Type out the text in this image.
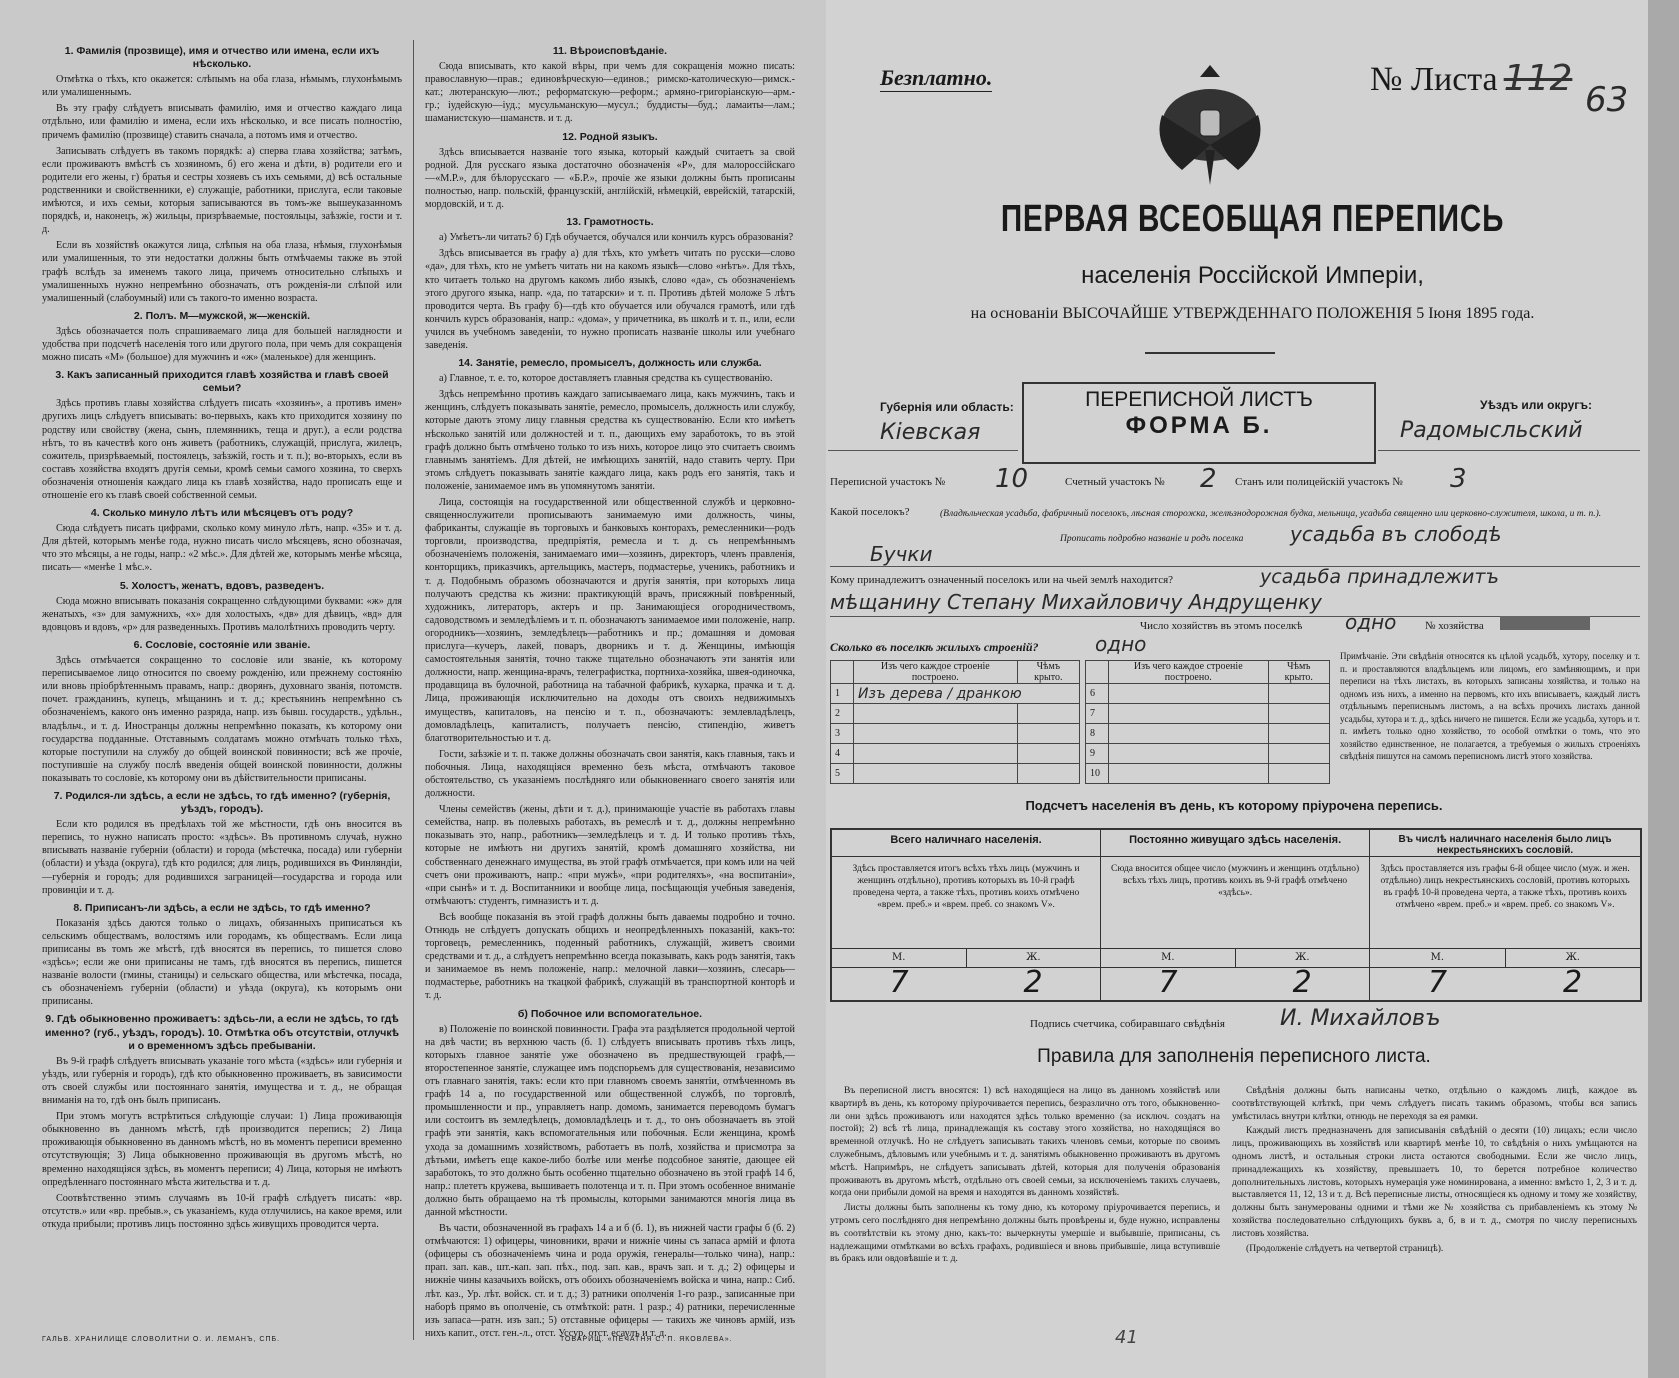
1. Фамилія (прозвище), имя и отчество или имена, если ихъ нѣсколько.

Отмѣтка о тѣхъ, кто окажется: слѣпымъ на оба глаза, нѣмымъ, глухонѣмымъ или умалишеннымъ.

Въ эту графу слѣдуетъ вписывать фамилію, имя и отчество каждаго лица отдѣльно, или фамилію и имена, если ихъ нѣсколько, и все писать полностію, причемъ фамилію (прозвище) ставить сначала, а потомъ имя и отчество.

Записывать слѣдуетъ въ такомъ порядкѣ: а) сперва глава хозяйства; затѣмъ, если проживаютъ вмѣстѣ съ хозяиномъ, б) его жена и дѣти, в) родители его и родители его жены, г) братья и сестры хозяевъ съ ихъ семьями, д) всѣ остальные родственники и свойственники, е) служащіе, работники, прислуга, если таковые имѣются, и ихъ семьи, которыя записываются въ томъ-же вышеуказанномъ порядкѣ, и, наконецъ, ж) жильцы, призрѣваемые, постояльцы, заѣзжіе, гости и т. д.

Если въ хозяйствѣ окажутся лица, слѣпыя на оба глаза, нѣмыя, глухонѣмыя или умалишенныя, то эти недостатки должны быть отмѣчаемы также въ этой графѣ вслѣдъ за именемъ такого лица, причемъ относительно слѣпыхъ и умалишенныхъ нужно непремѣнно обозначать, отъ рожденія-ли слѣпой или умалишенный (слабоумный) или съ такого-то именно возраста.

2. Полъ. М—мужской, ж—женскій.

Здѣсь обозначается полъ спрашиваемаго лица для большей наглядности и удобства при подсчетѣ населенія того или другого пола, при чемъ для сокращенія можно писать «М» (большое) для мужчинъ и «ж» (маленькое) для женщинъ.

3. Какъ записанный приходится главѣ хозяйства и главѣ своей семьи?

Здѣсь противъ главы хозяйства слѣдуетъ писать «хозяинъ», а противъ имен» другихъ лицъ слѣдуетъ вписывать: во-первыхъ, какъ кто приходится хозяину по родству или свойству (жена, сынъ, племянникъ, теща и друг.), а если родства нѣтъ, то въ качествѣ кого онъ живетъ (работникъ, служащій, прислуга, жилецъ, сожитель, призрѣваемый, постоялецъ, заѣзжій, гость и т. п.); во-вторыхъ, если въ составъ хозяйства входятъ другія семьи, кромѣ семьи самого хозяина, то сверхъ обозначенія отношенія каждаго лица къ главѣ хозяйства, надо прописать еще и отношеніе его къ главѣ своей собственной семьи.

4. Сколько минуло лѣтъ или мѣсяцевъ отъ роду?

Сюда слѣдуетъ писать цифрами, сколько кому минуло лѣтъ, напр. «35» и т. д. Для дѣтей, которымъ менѣе года, нужно писать число мѣсяцевъ, ясно обозначая, что это мѣсяцы, а не годы, напр.: «2 мѣс.». Для дѣтей же, которымъ менѣе мѣсяца, писать— «менѣе 1 мѣс.».

5. Холостъ, женатъ, вдовъ, разведенъ.

Сюда можно вписывать показанія сокращенно слѣдующими буквами: «ж» для женатыхъ, «з» для замужнихъ, «х» для холостыхъ, «дв» для дѣвицъ, «вд» для вдовцовъ и вдовъ, «р» для разведенныхъ. Противъ малолѣтнихъ проводить черту.

6. Сословіе, состояніе или званіе.

Здѣсь отмѣчается сокращенно то сословіе или званіе, къ которому переписываемое лицо относится по своему рожденію, или прежнему состоянію или вновь пріобрѣтеннымъ правамъ, напр.: дворянъ, духовнаго званія, потомств. почет. гражданинъ, купецъ, мѣщанинъ и т. д.; крестьянинъ непремѣнно съ обозначеніемъ, какого онъ именно разряда, напр. изъ бывш. государств., удѣльн., владѣльч., и т. д. Иностранцы должны непремѣнно показать, къ которому они государства подданные. Отставнымъ солдатамъ можно отмѣчать только тѣхъ, которые поступили на службу до общей воинской повинности; всѣ же прочіе, поступившіе на службу послѣ введенія общей воинской повинности, должны показывать то сословіе, къ которому они въ дѣйствительности приписаны.

7. Родился-ли здѣсь, а если не здѣсь, то гдѣ именно? (губернія, уѣздъ, городъ).

Если кто родился въ предѣлахъ той же мѣстности, гдѣ онъ вносится въ перепись, то нужно написать просто: «здѣсь». Въ противномъ случаѣ, нужно вписывать названіе губерніи (области) и города (мѣстечка, посада) или губерніи (области) и уѣзда (округа), гдѣ кто родился; для лицъ, родившихся въ Финляндіи,—губернія и городъ; для родившихся заграницей—государства и города или провинціи и т. д.

8. Приписанъ-ли здѣсь, а если не здѣсь, то гдѣ именно?

Показанія здѣсь даются только о лицахъ, обязанныхъ приписаться къ сельскимъ обществамъ, волостямъ или городамъ, къ обществамъ. Если лица приписаны въ томъ же мѣстѣ, гдѣ вносятся въ перепись, то пишется слово «здѣсь»; если же они приписаны не тамъ, гдѣ вносятся въ перепись, пишется названіе волости (гмины, станицы) и сельскаго общества, или мѣстечка, посада, съ обозначеніемъ губерніи (области) и уѣзда (округа), къ которымъ они приписаны.

9. Гдѣ обыкновенно проживаетъ: здѣсь-ли, а если не здѣсь, то гдѣ именно? (губ., уѣздъ, городъ). 10. Отмѣтка объ отсутствіи, отлучкѣ и о временномъ здѣсь пребываніи.

Въ 9-й графѣ слѣдуетъ вписывать указаніе того мѣста («здѣсь» или губернія и уѣздъ, или губернія и городъ), гдѣ кто обыкновенно проживаетъ, въ зависимости отъ своей службы или постояннаго занятія, имущества и т. д., не обращая вниманія на то, гдѣ онъ былъ приписанъ.

При этомъ могутъ встрѣтиться слѣдующіе случаи: 1) Лица проживающія обыкновенно въ данномъ мѣстѣ, гдѣ производится перепись; 2) Лица проживающія обыкновенно въ данномъ мѣстѣ, но въ моментъ переписи временно отсутствующія; 3) Лица обыкновенно проживающія въ другомъ мѣстѣ, но временно находящіяся здѣсь, въ моментъ переписи; 4) Лица, которыя не имѣютъ опредѣленнаго постояннаго мѣста жительства и т. д.

Соотвѣтственно этимъ случаямъ въ 10-й графѣ слѣдуетъ писать: «вр. отсутств.» или «вр. пребыв.», съ указаніемъ, куда отлучились, на какое время, или откуда прибыли; противъ лицъ постоянно здѣсь живущихъ проводится черта.

11. Вѣроисповѣданіе.

Сюда вписывать, кто какой вѣры, при чемъ для сокращенія можно писать: православную—прав.; единовѣрческую—единов.; римско-католическую—римск.-кат.; лютеранскую—лют.; реформатскую—реформ.; армяно-григоріанскую—арм.-гр.; іудейскую—іуд.; мусульманскую—мусул.; буддисты—буд.; ламаиты—лам.; шаманистскую—шаманств. и т. д.

12. Родной языкъ.

Здѣсь вписывается названіе того языка, который каждый считаетъ за свой родной. Для русскаго языка достаточно обозначенія «Р», для малороссійскаго—«М.Р.», для бѣлорусскаго — «Б.Р.», прочіе же языки должны быть прописаны полностью, напр. польскій, французскій, англійскій, нѣмецкій, еврейскій, татарскій, мордовскій, и т. д.

13. Грамотность.

а) Умѣетъ-ли читать? б) Гдѣ обучается, обучался или кончилъ курсъ образованія?

Здѣсь вписывается въ графу а) для тѣхъ, кто умѣетъ читать по русски—слово «да», для тѣхъ, кто не умѣетъ читать ни на какомъ языкѣ—слово «нѣтъ». Для тѣхъ, кто читаетъ только на другомъ какомъ либо языкѣ, слово «да», съ обозначеніемъ этого другого языка, напр. «да, по татарски» и т. п. Противъ дѣтей моложе 5 лѣтъ проводится черта. Въ графу б)—гдѣ кто обучается или обучался грамотѣ, или гдѣ кончилъ курсъ образованія, напр.: «дома», у причетника, въ школѣ и т. п., или, если учился въ учебномъ заведеніи, то нужно прописать названіе школы или учебнаго заведенія.

14. Занятіе, ремесло, промыселъ, должность или служба.

а) Главное, т. е. то, которое доставляетъ главныя средства къ существованію.

Здѣсь непремѣнно противъ каждаго записываемаго лица, какъ мужчинъ, такъ и женщинъ, слѣдуетъ показывать занятіе, ремесло, промыселъ, должность или службу, которые даютъ этому лицу главныя средства къ существованію. Если кто имѣетъ нѣсколько занятій или должностей и т. п., дающихъ ему заработокъ, то въ этой графѣ должно быть отмѣчено только то изъ нихъ, которое лицо это считаетъ своимъ главнымъ занятіемъ. Для дѣтей, не имѣющихъ занятій, надо ставить черту. При этомъ слѣдуетъ показывать занятіе каждаго лица, какъ родъ его занятія, такъ и положеніе, занимаемое имъ въ упомянутомъ занятіи.

Лица, состоящія на государственной или общественной службѣ и церковно-священнослужители прописываютъ занимаемую ими должность, чины, фабриканты, служащіе въ торговыхъ и банковыхъ конторахъ, ремесленники—родъ торговли, производства, предпріятія, ремесла и т. д. съ непремѣннымъ обозначеніемъ положенія, занимаемаго ими—хозяинъ, директоръ, членъ правленія, конторщикъ, приказчикъ, артельщикъ, мастеръ, подмастерье, ученикъ, работникъ и т. д. Подобнымъ образомъ обозначаются и другія занятія, при которыхъ лица получаютъ средства къ жизни: практикующій врачъ, присяжный повѣренный, художникъ, литераторъ, актеръ и пр. Занимающіеся огородничествомъ, садоводствомъ и земледѣліемъ и т. п. обозначаютъ занимаемое ими положеніе, напр. огородникъ—хозяинъ, земледѣлецъ—работникъ и пр.; домашняя и домовая прислуга—кучеръ, лакей, поваръ, дворникъ и т. д. Женщины, имѣющія самостоятельныя занятія, точно также тщательно обозначаютъ эти занятія или должности, напр. женщина-врачъ, телеграфистка, портниха-хозяйка, швея-одиночка, продавщица въ булочной, работница на табачной фабрикѣ, кухарка, прачка и т. д. Лица, проживающія исключительно на доходы отъ своихъ недвижимыхъ имуществъ, капиталовъ, на пенсію и т. п., обозначаютъ: землевладѣлецъ, домовладѣлецъ, капиталистъ, получаетъ пенсію, стипендію, живетъ благотворительностью и т. д.

Гости, заѣзжіе и т. п. также должны обозначать свои занятія, какъ главныя, такъ и побочныя. Лица, находящіяся временно безъ мѣста, отмѣчаютъ таковое обстоятельство, съ указаніемъ послѣдняго или обыкновеннаго своего занятія или должности.

Члены семействъ (жены, дѣти и т. д.), принимающіе участіе въ работахъ главы семейства, напр. въ полевыхъ работахъ, въ ремеслѣ и т. д., должны непремѣнно показывать это, напр., работникъ—земледѣлецъ и т. д. И только противъ тѣхъ, которые не имѣютъ ни другихъ занятій, кромѣ домашняго хозяйства, ни собственнаго денежнаго имущества, въ этой графѣ отмѣчается, при комъ или на чей счетъ они проживаютъ, напр.: «при мужѣ», «при родителяхъ», «на воспитаніи», «при сынѣ» и т. д. Воспитанники и вообще лица, посѣщающія учебныя заведенія, отмѣчаютъ: студентъ, гимназистъ и т. д.

Всѣ вообще показанія въ этой графѣ должны быть даваемы подробно и точно. Отнюдь не слѣдуетъ допускать общихъ и неопредѣленныхъ показаній, какъ-то: торговецъ, ремесленникъ, поденный работникъ, служащій, живетъ своими средствами и т. д., а слѣдуетъ непремѣнно всегда показывать, какъ родъ занятія, такъ и занимаемое въ немъ положеніе, напр.: мелочной лавки—хозяинъ, слесарь—подмастерье, работникъ на ткацкой фабрикѣ, служащій въ транспортной конторѣ и т. д.

б) Побочное или вспомогательное.

в) Положеніе по воинской повинности. Графа эта раздѣляется продольной чертой на двѣ части; въ верхнюю часть (б. 1) слѣдуетъ вписывать противъ тѣхъ лицъ, которыхъ главное занятіе уже обозначено въ предшествующей графѣ,—второстепенное занятіе, служащее имъ подспорьемъ для существованія, независимо отъ главнаго занятія, такъ: если кто при главномъ своемъ занятіи, отмѣченномъ въ графѣ 14 а, по государственной или общественной службѣ, по торговлѣ, промышленности и пр., управляетъ напр. домомъ, занимается переводомъ бумагъ или состоитъ въ земледѣлецъ, домовладѣлецъ и т. д., то онъ обозначаетъ въ этой графѣ эти занятія, какъ вспомогательныя или побочныя. Если женщина, кромѣ ухода за домашнимъ хозяйствомъ, работаетъ въ полѣ, хозяйства и присмотра за дѣтьми, имѣетъ еще какое-либо болѣе или менѣе подсобное занятіе, дающее ей заработокъ, то это должно быть особенно тщательно обозначено въ этой графѣ 14 б, напр.: плететъ кружева, вышиваетъ полотенца и т. п. При этомъ особенное вниманіе должно быть обращаемо на тѣ промыслы, которыми занимаются многія лица въ данной мѣстности.

Въ части, обозначенной въ графахъ 14 а и б (б. 1), въ нижней части графы б (б. 2) отмѣчаются: 1) офицеры, чиновники, врачи и нижніе чины съ запаса армій и флота (офицеры съ обозначеніемъ чина и рода оружія, генералы—только чина), напр.: прап. зап. кав., шт.-кап. зап. пѣх., под. зап. кав., врачъ зап. и т. д.; 2) офицеры и нижніе чины казачьихъ войскъ, отъ обоихъ обозначеніемъ войска и чина, напр.: Сиб. лѣт. каз., Ур. лѣт. войск. ст. и т. д.; 3) ратники ополченія 1-го разр., записанные при наборѣ прямо въ ополченіе, съ отмѣткой: ратн. 1 разр.; 4) ратники, перечисленные изъ запаса—ратн. изъ зап.; 5) отставные офицеры — такихъ же чиновъ армій, изъ нихъ капит., отст. ген.-л., отст. Уссур. отст. есаулъ и т. д.

ГАЛЬВ. ХРАНИЛИЩЕ СЛОВОЛИТНИ О. И. ЛЕМАНЪ, СПБ.	ТОВАРИЩ. «ПЕЧАТНЯ С. П. ЯКОВЛЕВА».
Безплатно.	№ Листа 112
63
ПЕРВАЯ ВСЕОБЩАЯ ПЕРЕПИСЬ
населенія Россійской Имперіи,
на основаніи ВЫСОЧАЙШЕ УТВЕРЖДЕННАГО ПОЛОЖЕНІЯ 5 Іюня 1895 года.
ПЕРЕПИСНОЙ ЛИСТЪ
ФОРМА Б.
Губернія или область:
Кіевская
Уѣздъ или округъ:
Радомысльский
Переписной участокъ № 10	Счетный участокъ № 2 Станъ или полицейскій участокъ № 3
Какой поселокъ?	(Владѣльческая усадьба, фабричный поселокъ, лѣсная сторожка, желѣзнодорожная будка, мельница, усадьба священно или церковно-служителя, школа, и т. п.).
Прописать подробно названіе и родъ поселка усадьба въ слободѣ
Бучки
Кому принадлежитъ означенный поселокъ или на чьей землѣ находится?	усадьба принадлежитъ
мѣщанину Степану Михайловичу Андрущенку
Число хозяйствъ въ этомъ поселкѣ одно	№ хозяйства
Сколько въ поселкѣ жилыхъ строеній?	одно
	Изъ чего каждое строеніе построено.	Чѣмъ крыто.
1	Изъ дерева / дранкою	
2		
3		
4		
5		
	Изъ чего каждое строеніе построено.	Чѣмъ крыто.
6		
7		
8		
9		
10		
Примѣчаніе. Эти свѣдѣнія относятся къ цѣлой усадьбѣ, хутору, поселку и т. п. и проставляются владѣльцемъ или лицомъ, его замѣняющимъ, и при переписи на тѣхъ листахъ, въ которыхъ записаны хозяйства, и только на одномъ изъ нихъ, а именно на первомъ, кто ихъ вписываетъ, каждый листъ отдѣльнымъ переписнымъ листомъ, а на всѣхъ прочихъ листахъ данной усадьбы, хутора и т. д., здѣсь ничего не пишется. Если же усадьба, хуторъ и т. п. имѣетъ только одно хозяйство, то особой отмѣтки о томъ, что это хозяйство единственное, не полагается, а требуемыя о жилыхъ строеніяхъ свѣдѣнія пишутся на самомъ переписномъ листѣ этого хозяйства.
Подсчетъ населенія въ день, къ которому пріурочена перепись.
Всего наличнаго населенія.
Здѣсь проставляется итогъ всѣхъ тѣхъ лицъ (мужчинъ и женщинъ отдѣльно), противъ которыхъ въ 10-й графѣ проведена черта, а также тѣхъ, противъ коихъ отмѣчено «врем. преб.» и «врем. преб. со знакомъ V».
М.	Ж.
7	2
Постоянно живущаго здѣсь населенія.
Сюда вносится общее число (мужчинъ и женщинъ отдѣльно) всѣхъ тѣхъ лицъ, противъ коихъ въ 9-й графѣ отмѣчено «здѣсь».
М.	Ж.
7	2
Въ числѣ наличнаго населенія было лицъ некрестьянскихъ сословій.
Здѣсь проставляется изъ графы 6-й общее число (муж. и жен. отдѣльно) лицъ некрестьянскихъ сословій, противъ которыхъ въ графѣ 10-й проведена черта, а также тѣхъ, противъ коихъ отмѣчено «врем. преб.» и «врем. преб. со знакомъ V».
М.	Ж.
7	2
Подпись счетчика, собиравшаго свѣдѣнія	И. Михайловъ
Правила для заполненія переписного листа.

Въ переписной листъ вносятся: 1) всѣ находящіеся на лицо въ данномъ хозяйствѣ или квартирѣ въ день, къ которому пріурочивается перепись, безразлично отъ того, обыкновенно-ли они здѣсь проживаютъ или находятся здѣсь только временно (за исключ. создатъ на постой); 2) всѣ тѣ лица, принадлежащія къ составу этого хозяйства, но находящіяся во временной отлучкѣ. Но не слѣдуетъ записывать такихъ членовъ семьи, которые по своимъ служебнымъ, дѣловымъ или учебнымъ и т. д. занятіямъ обыкновенно проживаютъ въ другомъ мѣстѣ. Напримѣръ, не слѣдуетъ записывать дѣтей, которыя для полученія образованія проживаютъ въ другомъ мѣстѣ, отдѣльно отъ своей семьи, за исключеніемъ такихъ случаевъ, когда они прибыли домой на время и находятся въ данномъ хозяйствѣ.

Листы должны быть заполнены къ тому дню, къ которому пріурочивается перепись, и утромъ сего послѣдняго дня непремѣнно должны быть провѣрены и, буде нужно, исправлены въ соотвѣтствіи къ этому дню, какъ-то: вычеркнуты умершіе и выбывшіе, приписаны, съ надлежащими отмѣтками во всѣхъ графахъ, родившіеся и вновь прибывшіе, лица вступившіе въ бракъ или овдовѣвшіе и т. д.

Свѣдѣнія должны быть написаны четко, отдѣльно о каждомъ лицѣ, каждое въ соотвѣтствующей клѣткѣ, при чемъ слѣдуетъ писать такимъ образомъ, чтобы вся запись умѣстилась внутри клѣтки, отнюдь не переходя за ея рамки.

Каждый листъ предназначенъ для записыванія свѣдѣній о десяти (10) лицахъ; если число лицъ, проживающихъ въ хозяйствѣ или квартирѣ менѣе 10, то свѣдѣнія о нихъ умѣщаются на одномъ листѣ, и остальныя строки листа остаются свободными. Если же число лицъ, принадлежащихъ къ хозяйству, превышаетъ 10, то берется потребное количество дополнительныхъ листовъ, которыхъ нумерація уже номинирована, а именно: вмѣсто 1, 2, 3 и т. д. выставляется 11, 12, 13 и т. д. Всѣ переписные листы, относящіеся къ одному и тому же хозяйству, должны быть занумерованы одними и тѣми же № хозяйства съ прибавленіемъ къ этому № хозяйства последовательно слѣдующихъ буквъ а, б, в и т. д., смотря по числу переписныхъ листовъ хозяйства.

(Продолженіе слѣдуетъ на четвертой страницѣ).

41
